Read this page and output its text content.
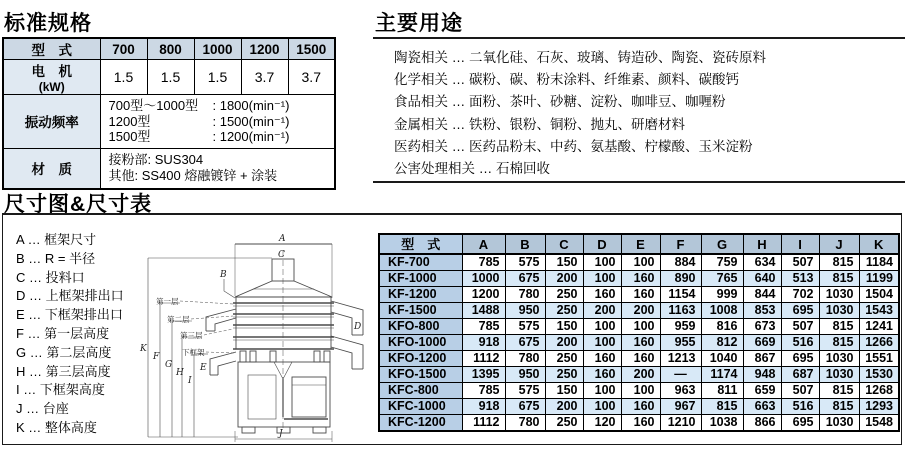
标准规格
型　式	700	800	1000	1200	1500

电　机
(kW)	1.5	1.5	1.5	3.7	3.7
振动频率	
700型～1000型	: 1800(min⁻¹)
1200型	: 1500(min⁻¹)
1500型	: 1200(min⁻¹)

材　质	接粉部: SUS304
其他: SS400 熔融镀锌 + 涂装				
主要用途
陶瓷相关 … 二氧化硅、石灰、玻璃、铸造砂、陶瓷、瓷砖原料
化学相关 … 碳粉、碳、粉末涂料、纤维素、颜料、碳酸钙
食品相关 … 面粉、茶叶、砂糖、淀粉、咖啡豆、咖喱粉
金属相关 … 铁粉、银粉、铜粉、抛丸、研磨材料
医药相关 … 医药品粉末、中药、氨基酸、柠檬酸、玉米淀粉
公害处理相关 … 石棉回收
尺寸图&尺寸表
A … 框架尺寸
B … R = 半径
C … 投料口
D … 上框架排出口
E … 下框架排出口
F … 第一层高度
G … 第二层高度
H … 第三层高度
I … 下框架高度
J … 台座
K … 整体高度
A
C
B
D
E
K
F
G
H
I
J
第一层
第二层
第三层
下框架
型　式	A	B	C	D	E	F	G	H	I	J	K
KF-700	785	575	150	100	100	884	759	634	507	815	1184
KF-1000	1000	675	200	100	160	890	765	640	513	815	1199
KF-1200	1200	780	250	160	160	1154	999	844	702	1030	1504
KF-1500	1488	950	250	200	200	1163	1008	853	695	1030	1543
KFO-800	785	575	150	100	100	959	816	673	507	815	1241
KFO-1000	918	675	200	100	160	955	812	669	516	815	1266
KFO-1200	1112	780	250	160	160	1213	1040	867	695	1030	1551
KFO-1500	1395	950	250	160	200	—	1174	948	687	1030	1530
KFC-800	785	575	150	100	100	963	811	659	507	815	1268
KFC-1000	918	675	200	100	160	967	815	663	516	815	1293
KFC-1200	1112	780	250	120	160	1210	1038	866	695	1030	1548
